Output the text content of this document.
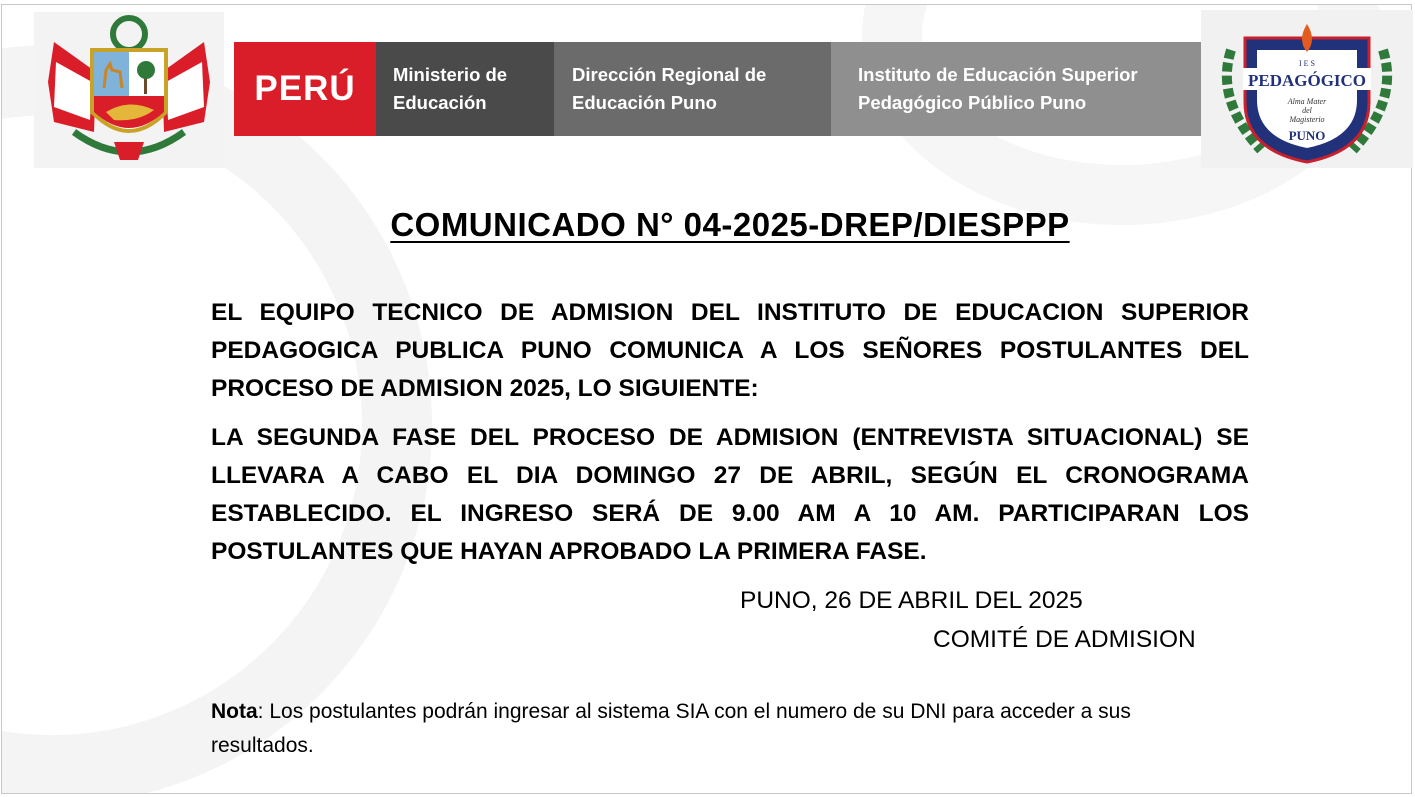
PERÚ	Ministerio de
Educación
Dirección Regional de
Educación Puno
Instituto de Educación Superior
Pedagógico Público Puno
I E S
PEDAGÓGICO
Alma Mater
del
Magisterio
PUNO
COMUNICADO N° 04-2025-DREP/DIESPPP
EL EQUIPO TECNICO DE ADMISION DEL INSTITUTO DE EDUCACION SUPERIOR PEDAGOGICA PUBLICA PUNO COMUNICA A LOS SEÑORES POSTULANTES DEL PROCESO DE ADMISION 2025, LO SIGUIENTE:
LA SEGUNDA FASE DEL PROCESO DE ADMISION (ENTREVISTA SITUACIONAL) SE LLEVARA A CABO EL DIA DOMINGO 27 DE ABRIL, SEGÚN EL CRONOGRAMA ESTABLECIDO. EL INGRESO SERÁ DE 9.00 AM A 10 AM. PARTICIPARAN LOS POSTULANTES QUE HAYAN APROBADO LA PRIMERA FASE.
PUNO, 26 DE ABRIL DEL 2025
COMITÉ DE ADMISION
Nota: Los postulantes podrán ingresar al sistema SIA con el numero de su DNI para acceder a sus resultados.
